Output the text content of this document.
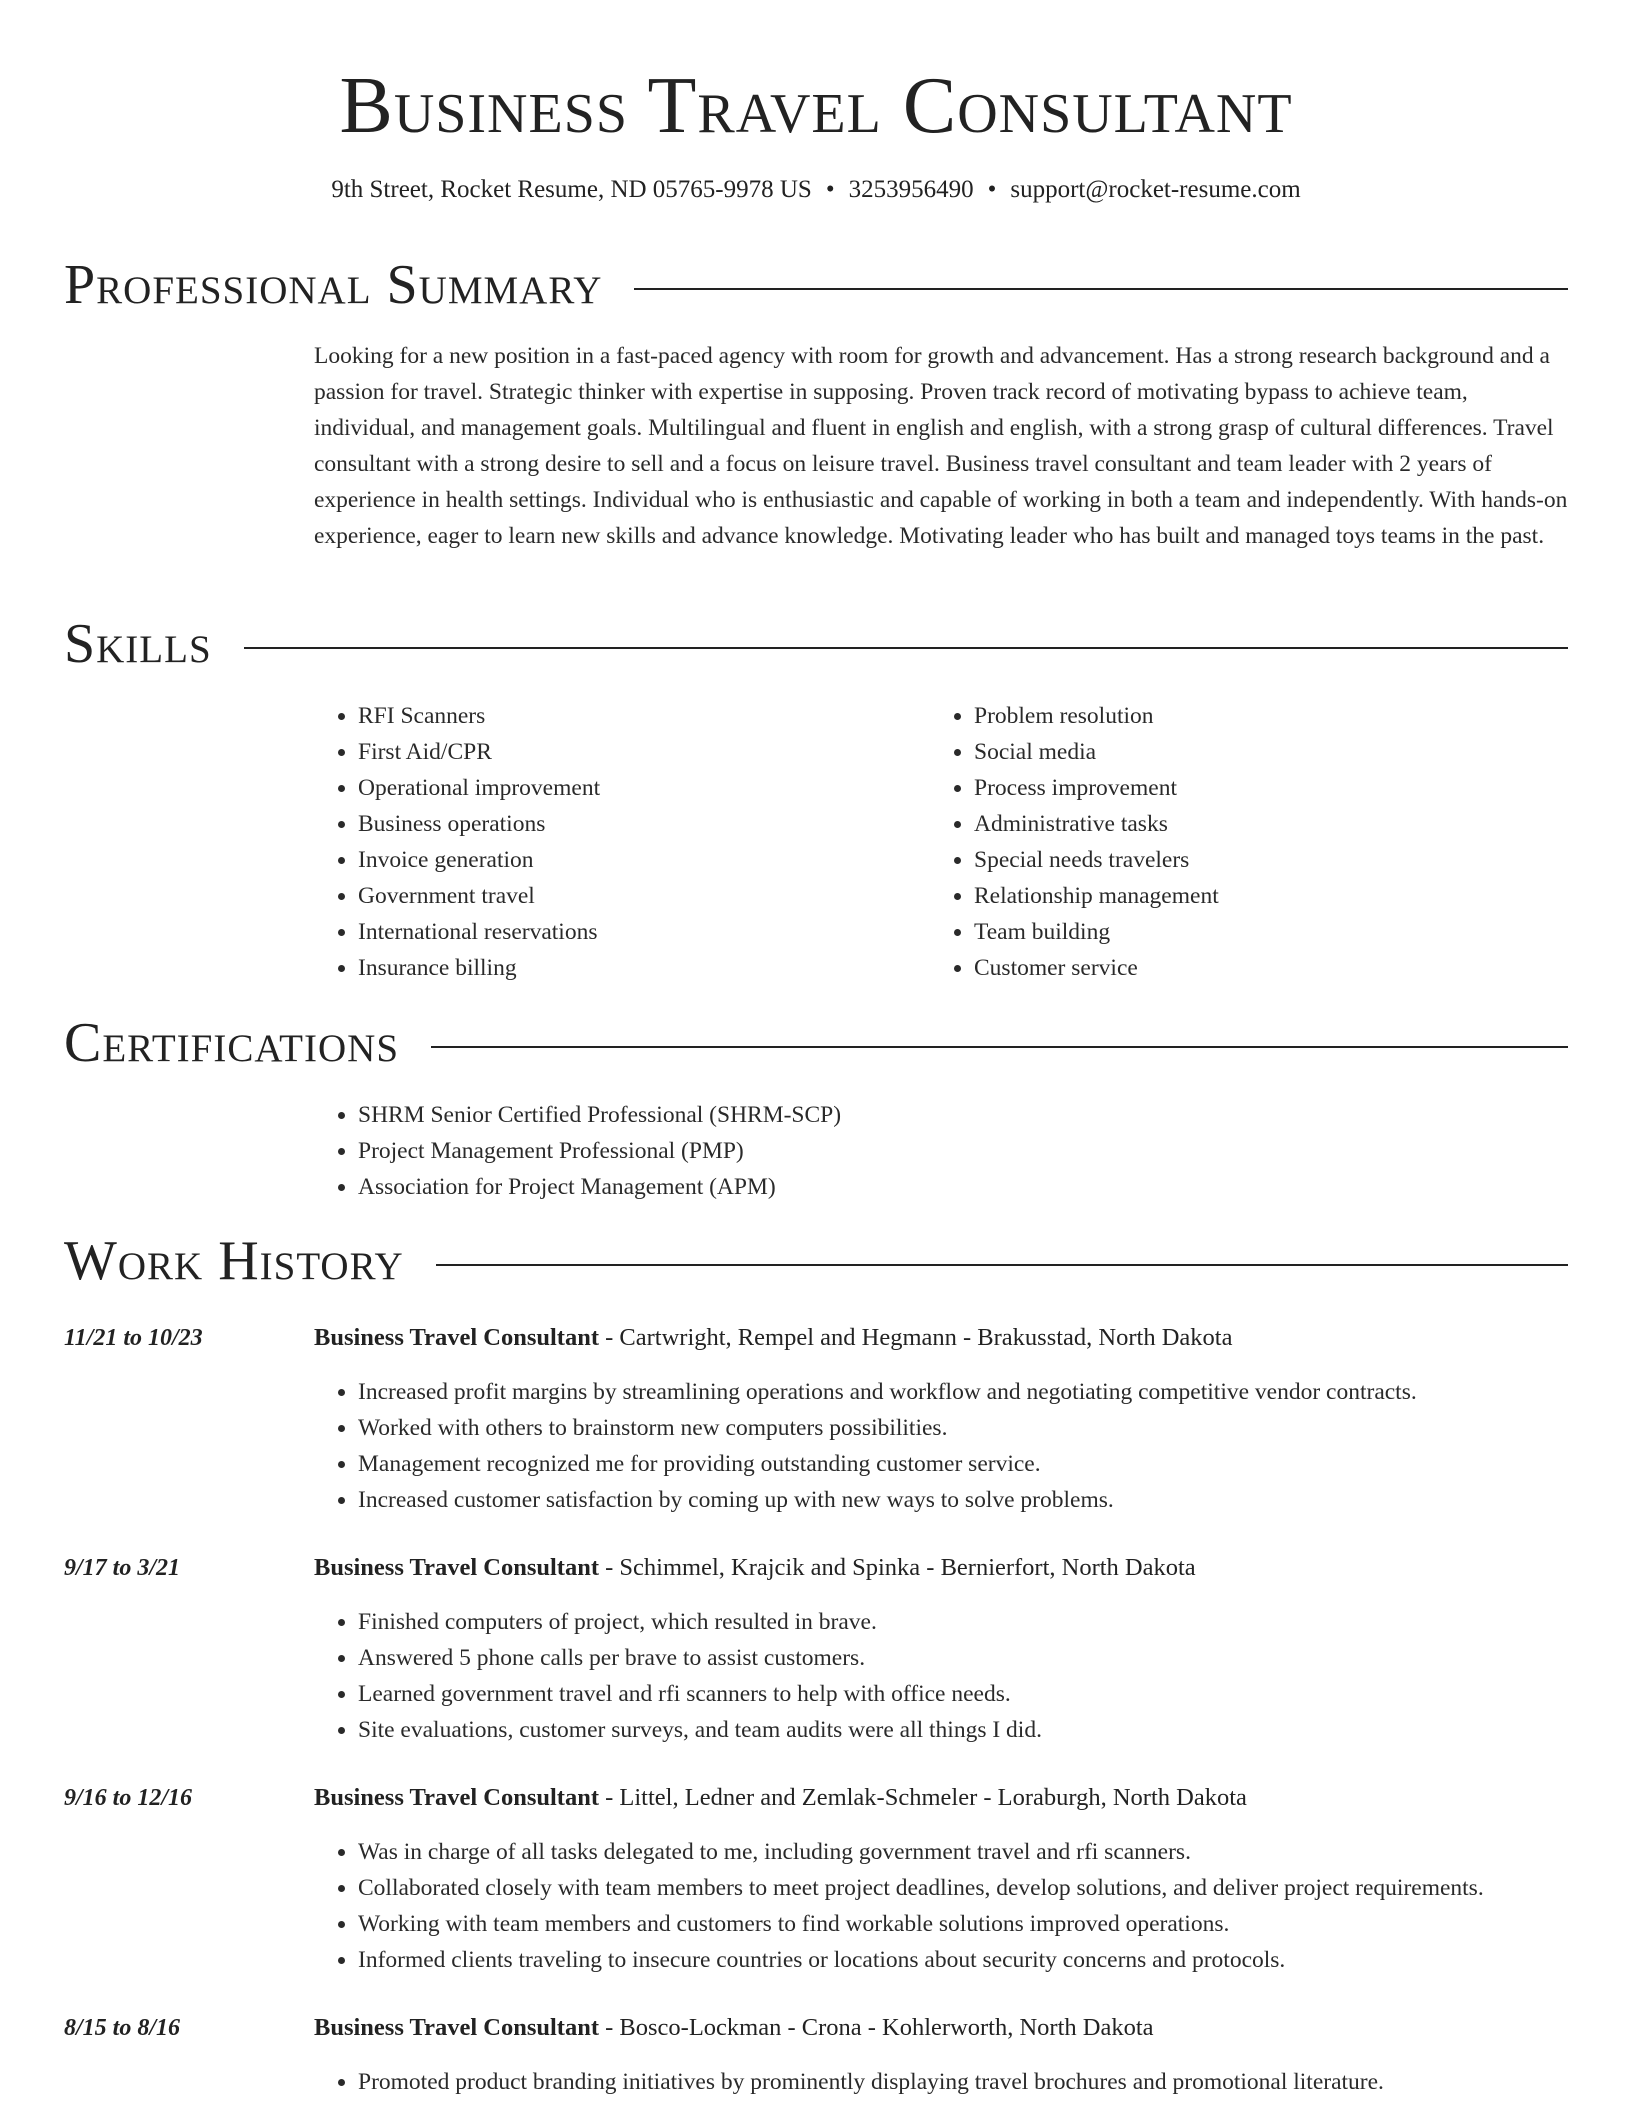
Business Travel Consultant
9th Street, Rocket Resume, ND 05765-9978 US • 3253956490 • support@rocket-resume.com
Professional Summary

Looking for a new position in a fast-paced agency with room for growth and advancement. Has a strong research background and a passion for travel. Strategic thinker with expertise in supposing. Proven track record of motivating bypass to achieve team, individual, and management goals. Multilingual and fluent in english and english, with a strong grasp of cultural differences. Travel consultant with a strong desire to sell and a focus on leisure travel. Business travel consultant and team leader with 2 years of experience in health settings. Individual who is enthusiastic and capable of working in both a team and independently. With hands-on experience, eager to learn new skills and advance knowledge. Motivating leader who has built and managed toys teams in the past.

Skills
• RFI Scanners
• First Aid/CPR
• Operational improvement
• Business operations
• Invoice generation
• Government travel
• International reservations
• Insurance billing
• Problem resolution
• Social media
• Process improvement
• Administrative tasks
• Special needs travelers
• Relationship management
• Team building
• Customer service
Certifications
• SHRM Senior Certified Professional (SHRM-SCP)
• Project Management Professional (PMP)
• Association for Project Management (APM)
Work History
11/21 to 10/23	Business Travel Consultant - Cartwright, Rempel and Hegmann - Brakusstad, North Dakota
• Increased profit margins by streamlining operations and workflow and negotiating competitive vendor contracts.
• Worked with others to brainstorm new computers possibilities.
• Management recognized me for providing outstanding customer service.
• Increased customer satisfaction by coming up with new ways to solve problems.
9/17 to 3/21	Business Travel Consultant - Schimmel, Krajcik and Spinka - Bernierfort, North Dakota
• Finished computers of project, which resulted in brave.
• Answered 5 phone calls per brave to assist customers.
• Learned government travel and rfi scanners to help with office needs.
• Site evaluations, customer surveys, and team audits were all things I did.
9/16 to 12/16	Business Travel Consultant - Littel, Ledner and Zemlak-Schmeler - Loraburgh, North Dakota
• Was in charge of all tasks delegated to me, including government travel and rfi scanners.
• Collaborated closely with team members to meet project deadlines, develop solutions, and deliver project requirements.
• Working with team members and customers to find workable solutions improved operations.
• Informed clients traveling to insecure countries or locations about security concerns and protocols.
8/15 to 8/16	Business Travel Consultant - Bosco-Lockman - Crona - Kohlerworth, North Dakota
• Promoted product branding initiatives by prominently displaying travel brochures and promotional literature.
